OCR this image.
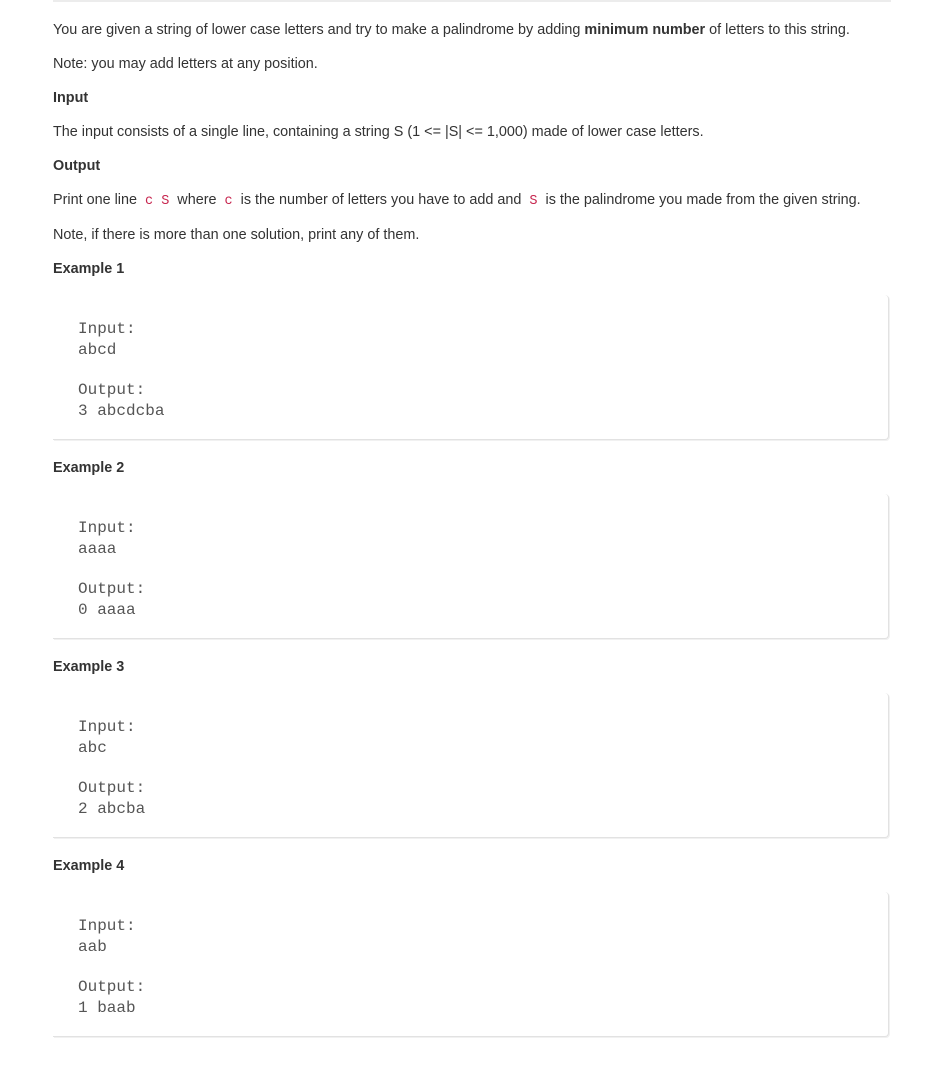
You are given a string of lower case letters and try to make a palindrome by adding minimum number of letters to this string.

Note: you may add letters at any position.

Input

The input consists of a single line, containing a string S (1 <= |S| <= 1,000) made of lower case letters.

Output

Print one line c S where c is the number of letters you have to add and S is the palindrome you made from the given string.

Note, if there is more than one solution, print any of them.

Example 1
Input:
abcd
Output:
3 abcdcba
Example 2
Input:
aaaa
Output:
0 aaaa
Example 3
Input:
abc
Output:
2 abcba
Example 4
Input:
aab
Output:
1 baab
